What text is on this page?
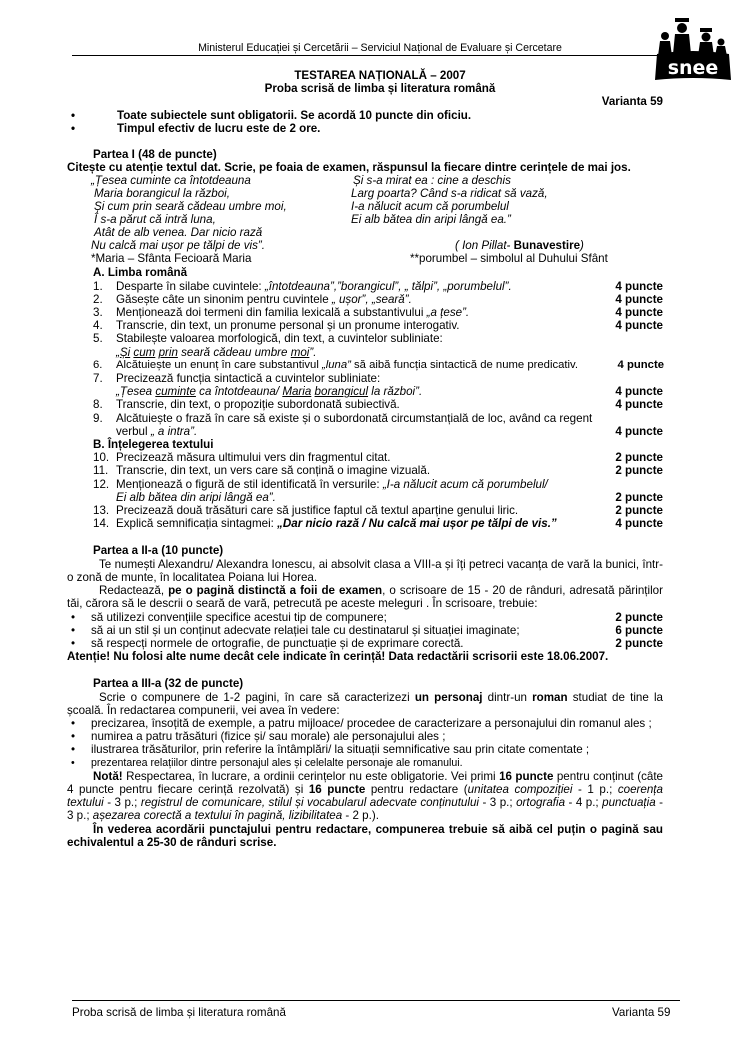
Ministerul Educației și Cercetării – Serviciul Național de Evaluare și Cercetare
snee
TESTAREA NAȚIONALĂ – 2007
Proba scrisă de limba și literatura română
Varianta 59
• Toate subiectele sunt obligatorii. Se acordă 10 puncte din oficiu.
• Timpul efectiv de lucru este de 2 ore.
Partea I (48 de puncte)
Citește cu atenție textul dat. Scrie, pe foaia de examen, răspunsul la fiecare dintre cerințele de mai jos.
„Țesea cuminte ca întotdeauna
Maria borangicul la război,
Și cum prin seară cădeau umbre moi,
Î s-a părut că intră luna,
Atât de alb venea. Dar nicio rază
Nu calcă mai ușor pe tălpi de vis”.
Și s-a mirat ea : cine a deschis
Larg poarta? Când s-a ridicat să vază,
I-a nălucit acum că porumbelul
Ei alb bătea din aripi lângă ea.”
( Ion Pillat- Bunavestire)
*Maria – Sfânta Fecioară Maria	**porumbel – simbolul al Duhului Sfânt
A. Limba română
1. Desparte în silabe cuvintele: „întotdeauna”,”borangicul”, „ tălpi”, „porumbelul”.	4 puncte
2. Găsește câte un sinonim pentru cuvintele „ ușor”, „seară”.	4 puncte
3. Menționează doi termeni din familia lexicală a substantivului „a țese”.	4 puncte
4. Transcrie, din text, un pronume personal și un pronume interogativ.	4 puncte
5. Stabilește valoarea morfologică, din text, a cuvintelor subliniate:
„Și cum prin seară cădeau umbre moi”.
6. Alcătuiește un enunț în care substantivul „luna” să aibă funcția sintactică de nume predicativ.	4 puncte
7. Precizează funcția sintactică a cuvintelor subliniate:
„Țesea cuminte ca întotdeauna/ Maria borangicul la război”.	4 puncte
8. Transcrie, din text, o propoziție subordonată subiectivă.	4 puncte
9. Alcătuiește o frază în care să existe și o subordonată circumstanțială de loc, având ca regent
verbul „ a intra”.	4 puncte
B. Înțelegerea textului
10. Precizează măsura ultimului vers din fragmentul citat.	2 puncte
11. Transcrie, din text, un vers care să conțină o imagine vizuală.	2 puncte
12. Menționează o figură de stil identificată în versurile: „I-a nălucit acum că porumbelul/
Ei alb bătea din aripi lângă ea”.	2 puncte
13. Precizează două trăsături care să justifice faptul că textul aparține genului liric.	2 puncte
14. Explică semnificația sintagmei: „Dar nicio rază / Nu calcă mai ușor pe tălpi de vis.”	4 puncte
Partea a II-a (10 puncte)
Te numești Alexandru/ Alexandra Ionescu, ai absolvit clasa a VIII-a și îți petreci vacanța de vară la bunici, într-o zonă de munte, în localitatea Poiana lui Horea.
Redactează, pe o pagină distinctă a foii de examen, o scrisoare de 15 - 20 de rânduri, adresată părinților tăi, cărora să le descrii o seară de vară, petrecută pe aceste meleguri . În scrisoare, trebuie:
• să utilizezi convențiile specifice acestui tip de compunere;	2 puncte
• să ai un stil și un conținut adecvate relației tale cu destinatarul și situației imaginate;	6 puncte
• să respecți normele de ortografie, de punctuație și de exprimare corectă.	2 puncte
Atenție! Nu folosi alte nume decât cele indicate în cerință! Data redactării scrisorii este 18.06.2007.
Partea a III-a (32 de puncte)
Scrie o compunere de 1-2 pagini, în care să caracterizezi un personaj dintr-un roman studiat de tine la școală. În redactarea compunerii, vei avea în vedere:
• precizarea, însoțită de exemple, a patru mijloace/ procedee de caracterizare a personajului din romanul ales ;
• numirea a patru trăsături (fizice și/ sau morale) ale personajului ales ;
• ilustrarea trăsăturilor, prin referire la întâmplări/ la situații semnificative sau prin citate comentate ;
• prezentarea relațiilor dintre personajul ales și celelalte personaje ale romanului.
Notă! Respectarea, în lucrare, a ordinii cerințelor nu este obligatorie. Vei primi 16 puncte pentru conținut (câte 4 puncte pentru fiecare cerință rezolvată) și 16 puncte pentru redactare (unitatea compoziției - 1 p.; coerența textului - 3 p.; registrul de comunicare, stilul și vocabularul adecvate conținutului - 3 p.; ortografia - 4 p.; punctuația - 3 p.; așezarea corectă a textului în pagină, lizibilitatea - 2 p.).
În vederea acordării punctajului pentru redactare, compunerea trebuie să aibă cel puțin o pagină sau echivalentul a 25-30 de rânduri scrise.
Proba scrisă de limba și literatura română	Varianta 59
